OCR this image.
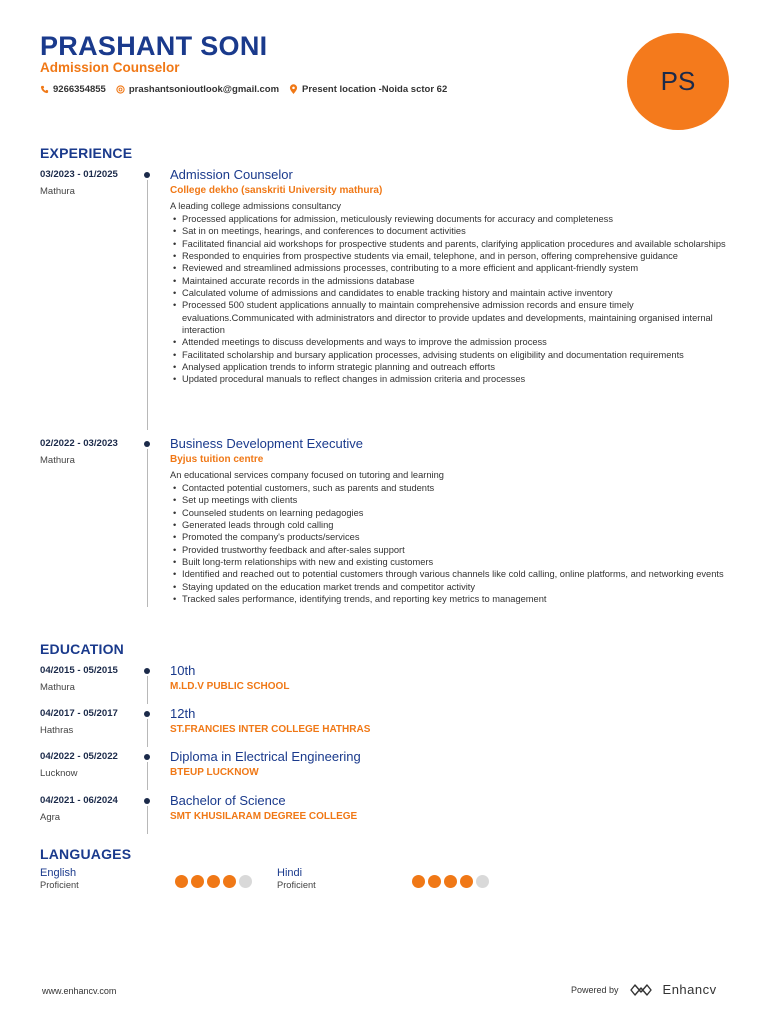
PRASHANT SONI
Admission Counselor
9266354855 prashantsonioutlook@gmail.com Present location -Noida sctor 62	PS
EXPERIENCE
03/2023 - 01/2025
Mathura
Admission Counselor
College dekho (sanskriti University mathura)
A leading college admissions consultancy
• Processed applications for admission, meticulously reviewing documents for accuracy and completeness
• Sat in on meetings, hearings, and conferences to document activities
• Facilitated financial aid workshops for prospective students and parents, clarifying application procedures and available scholarships
• Responded to enquiries from prospective students via email, telephone, and in person, offering comprehensive guidance
• Reviewed and streamlined admissions processes, contributing to a more efficient and applicant-friendly system
• Maintained accurate records in the admissions database
• Calculated volume of admissions and candidates to enable tracking history and maintain active inventory
• Processed 500 student applications annually to maintain comprehensive admission records and ensure timely evaluations.Communicated with administrators and director to provide updates and developments, maintaining organised internal interaction
• Attended meetings to discuss developments and ways to improve the admission process
• Facilitated scholarship and bursary application processes, advising students on eligibility and documentation requirements
• Analysed application trends to inform strategic planning and outreach efforts
• Updated procedural manuals to reflect changes in admission criteria and processes
02/2022 - 03/2023
Mathura
Business Development Executive
Byjus tuition centre
An educational services company focused on tutoring and learning
• Contacted potential customers, such as parents and students
• Set up meetings with clients
• Counseled students on learning pedagogies
• Generated leads through cold calling
• Promoted the company's products/services
• Provided trustworthy feedback and after-sales support
• Built long-term relationships with new and existing customers
• Identified and reached out to potential customers through various channels like cold calling, online platforms, and networking events
• Staying updated on the education market trends and competitor activity
• Tracked sales performance, identifying trends, and reporting key metrics to management
EDUCATION
04/2015 - 05/2015
Mathura
10th
M.LD.V PUBLIC SCHOOL
04/2017 - 05/2017
Hathras
12th
ST.FRANCIES INTER COLLEGE HATHRAS
04/2022 - 05/2022
Lucknow
Diploma in Electrical Engineering
BTEUP LUCKNOW
04/2021 - 06/2024
Agra
Bachelor of Science
SMT KHUSILARAM DEGREE COLLEGE
LANGUAGES
English
Proficient
Hindi
Proficient
www.enhancv.com	Powered by	Enhancv
